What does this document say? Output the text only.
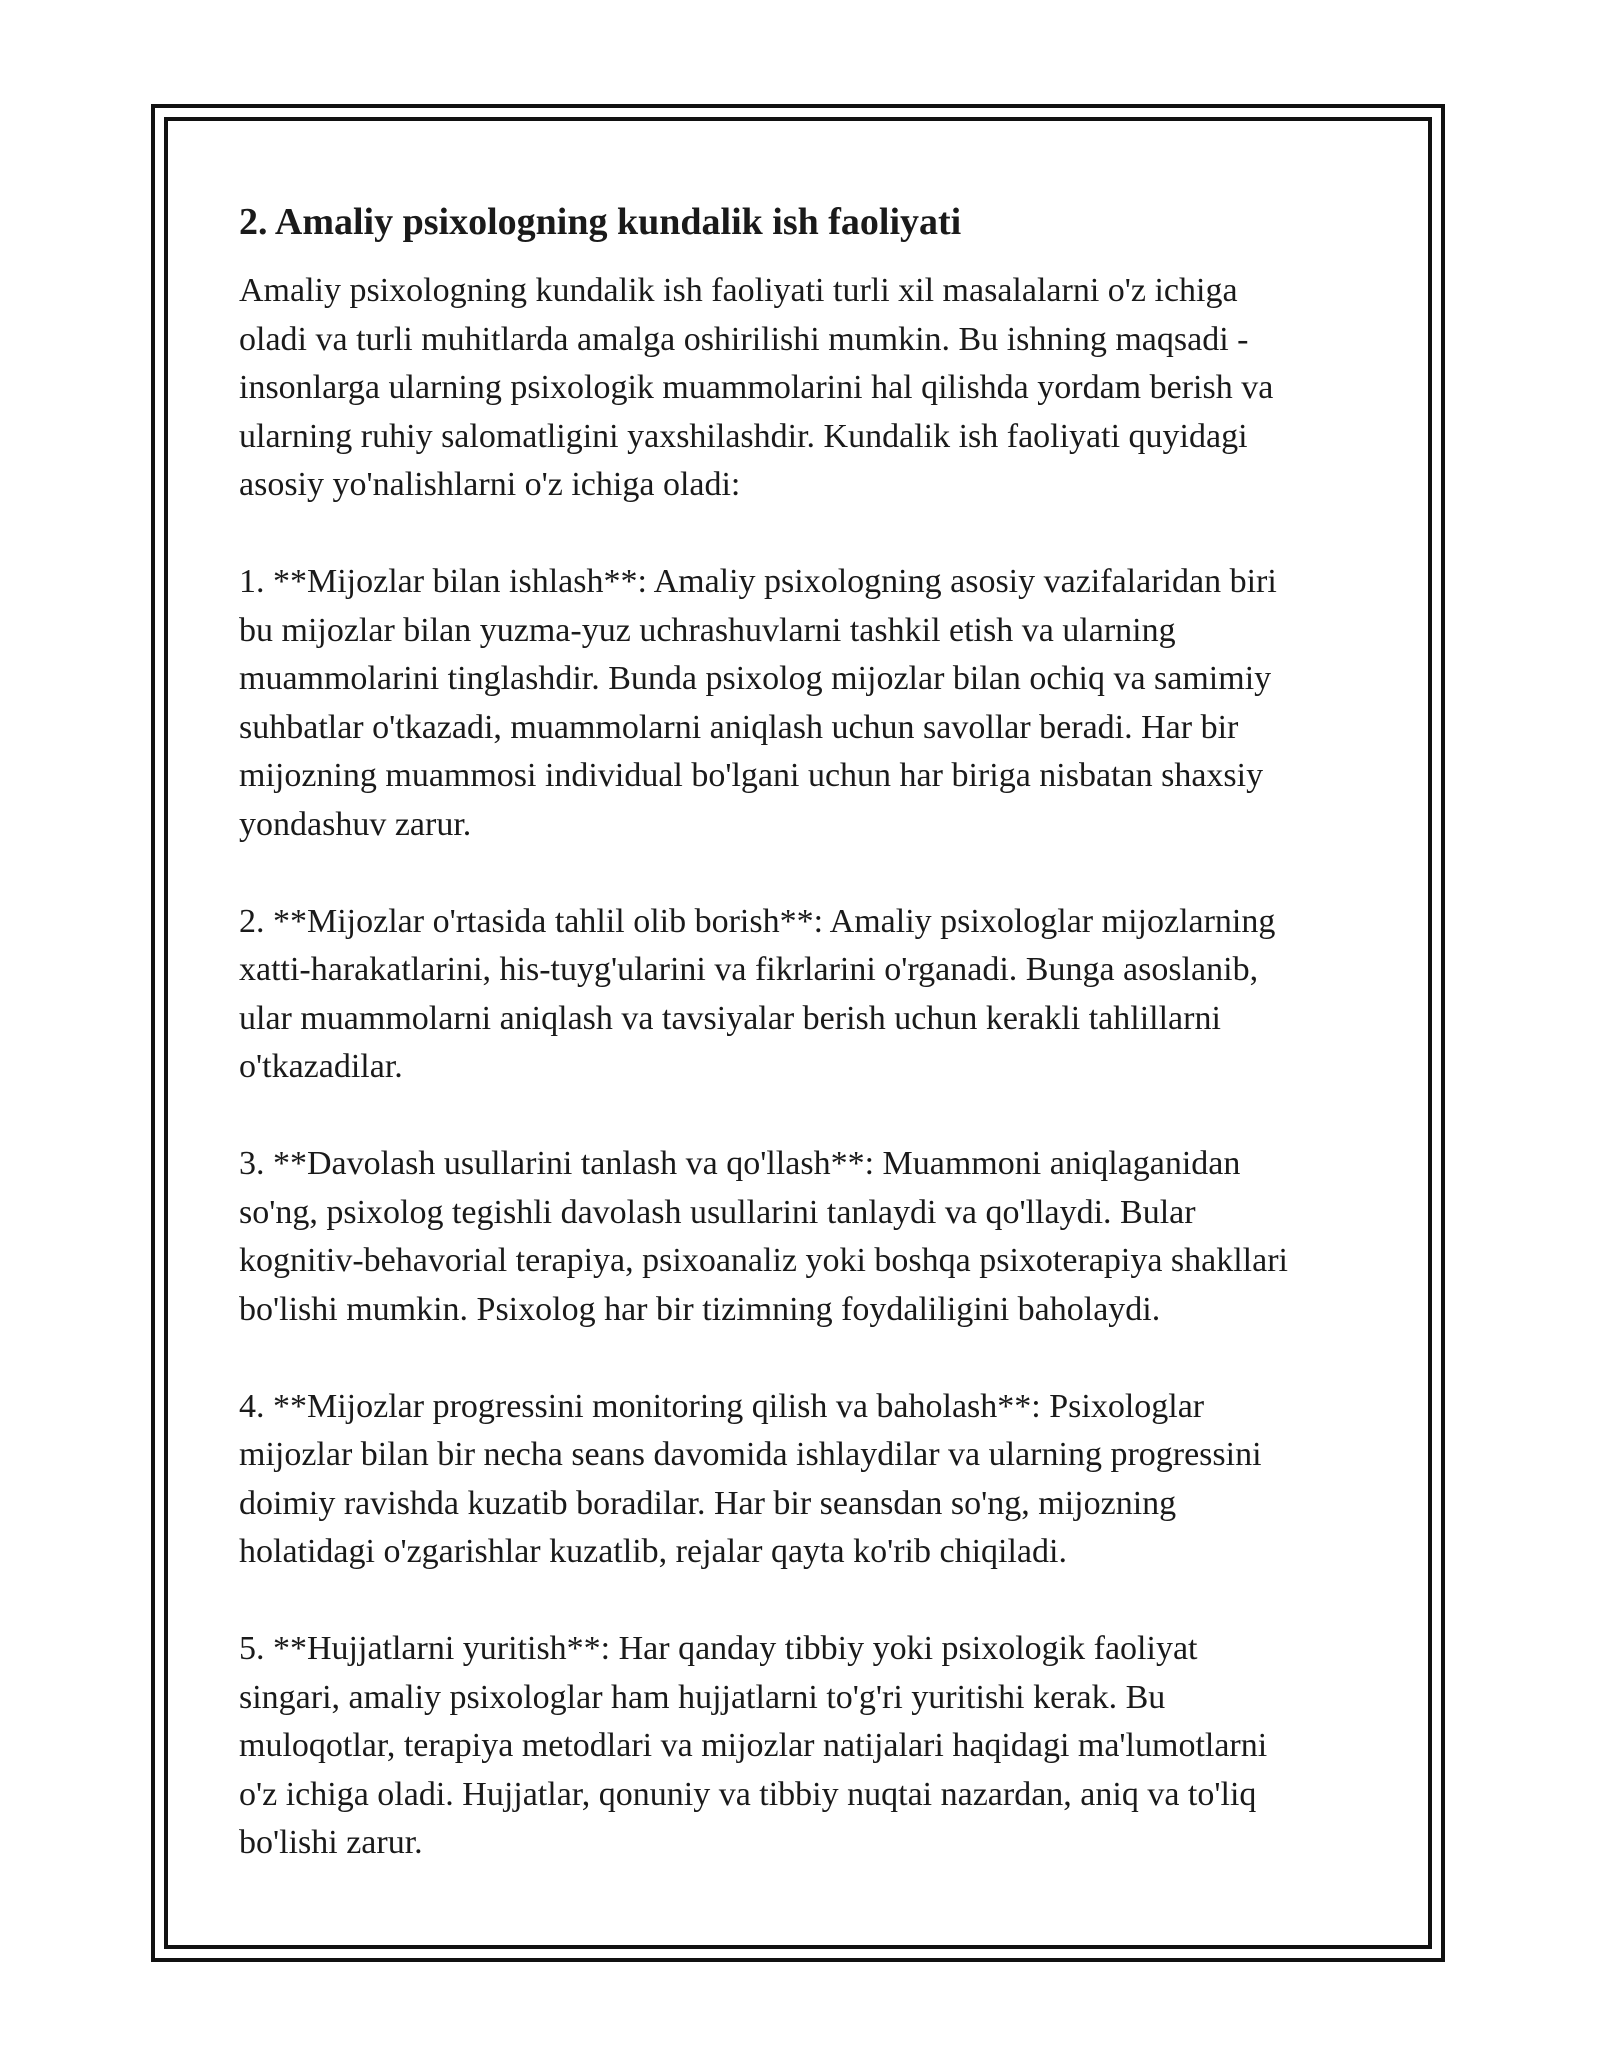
2. Amaliy psixologning kundalik ish faoliyati

Amaliy psixologning kundalik ish faoliyati turli xil masalalarni o'z ichiga
oladi va turli muhitlarda amalga oshirilishi mumkin. Bu ishning maqsadi -
insonlarga ularning psixologik muammolarini hal qilishda yordam berish va
ularning ruhiy salomatligini yaxshilashdir. Kundalik ish faoliyati quyidagi
asosiy yo'nalishlarni o'z ichiga oladi:

1. **Mijozlar bilan ishlash**: Amaliy psixologning asosiy vazifalaridan biri
bu mijozlar bilan yuzma-yuz uchrashuvlarni tashkil etish va ularning
muammolarini tinglashdir. Bunda psixolog mijozlar bilan ochiq va samimiy
suhbatlar o'tkazadi, muammolarni aniqlash uchun savollar beradi. Har bir
mijozning muammosi individual bo'lgani uchun har biriga nisbatan shaxsiy
yondashuv zarur.

2. **Mijozlar o'rtasida tahlil olib borish**: Amaliy psixologlar mijozlarning
xatti-harakatlarini, his-tuyg'ularini va fikrlarini o'rganadi. Bunga asoslanib,
ular muammolarni aniqlash va tavsiyalar berish uchun kerakli tahlillarni
o'tkazadilar.

3. **Davolash usullarini tanlash va qo'llash**: Muammoni aniqlaganidan
so'ng, psixolog tegishli davolash usullarini tanlaydi va qo'llaydi. Bular
kognitiv-behavorial terapiya, psixoanaliz yoki boshqa psixoterapiya shakllari
bo'lishi mumkin. Psixolog har bir tizimning foydaliligini baholaydi.

4. **Mijozlar progressini monitoring qilish va baholash**: Psixologlar
mijozlar bilan bir necha seans davomida ishlaydilar va ularning progressini
doimiy ravishda kuzatib boradilar. Har bir seansdan so'ng, mijozning
holatidagi o'zgarishlar kuzatlib, rejalar qayta ko'rib chiqiladi.

5. **Hujjatlarni yuritish**: Har qanday tibbiy yoki psixologik faoliyat
singari, amaliy psixologlar ham hujjatlarni to'g'ri yuritishi kerak. Bu
muloqotlar, terapiya metodlari va mijozlar natijalari haqidagi ma'lumotlarni
o'z ichiga oladi. Hujjatlar, qonuniy va tibbiy nuqtai nazardan, aniq va to'liq
bo'lishi zarur.
